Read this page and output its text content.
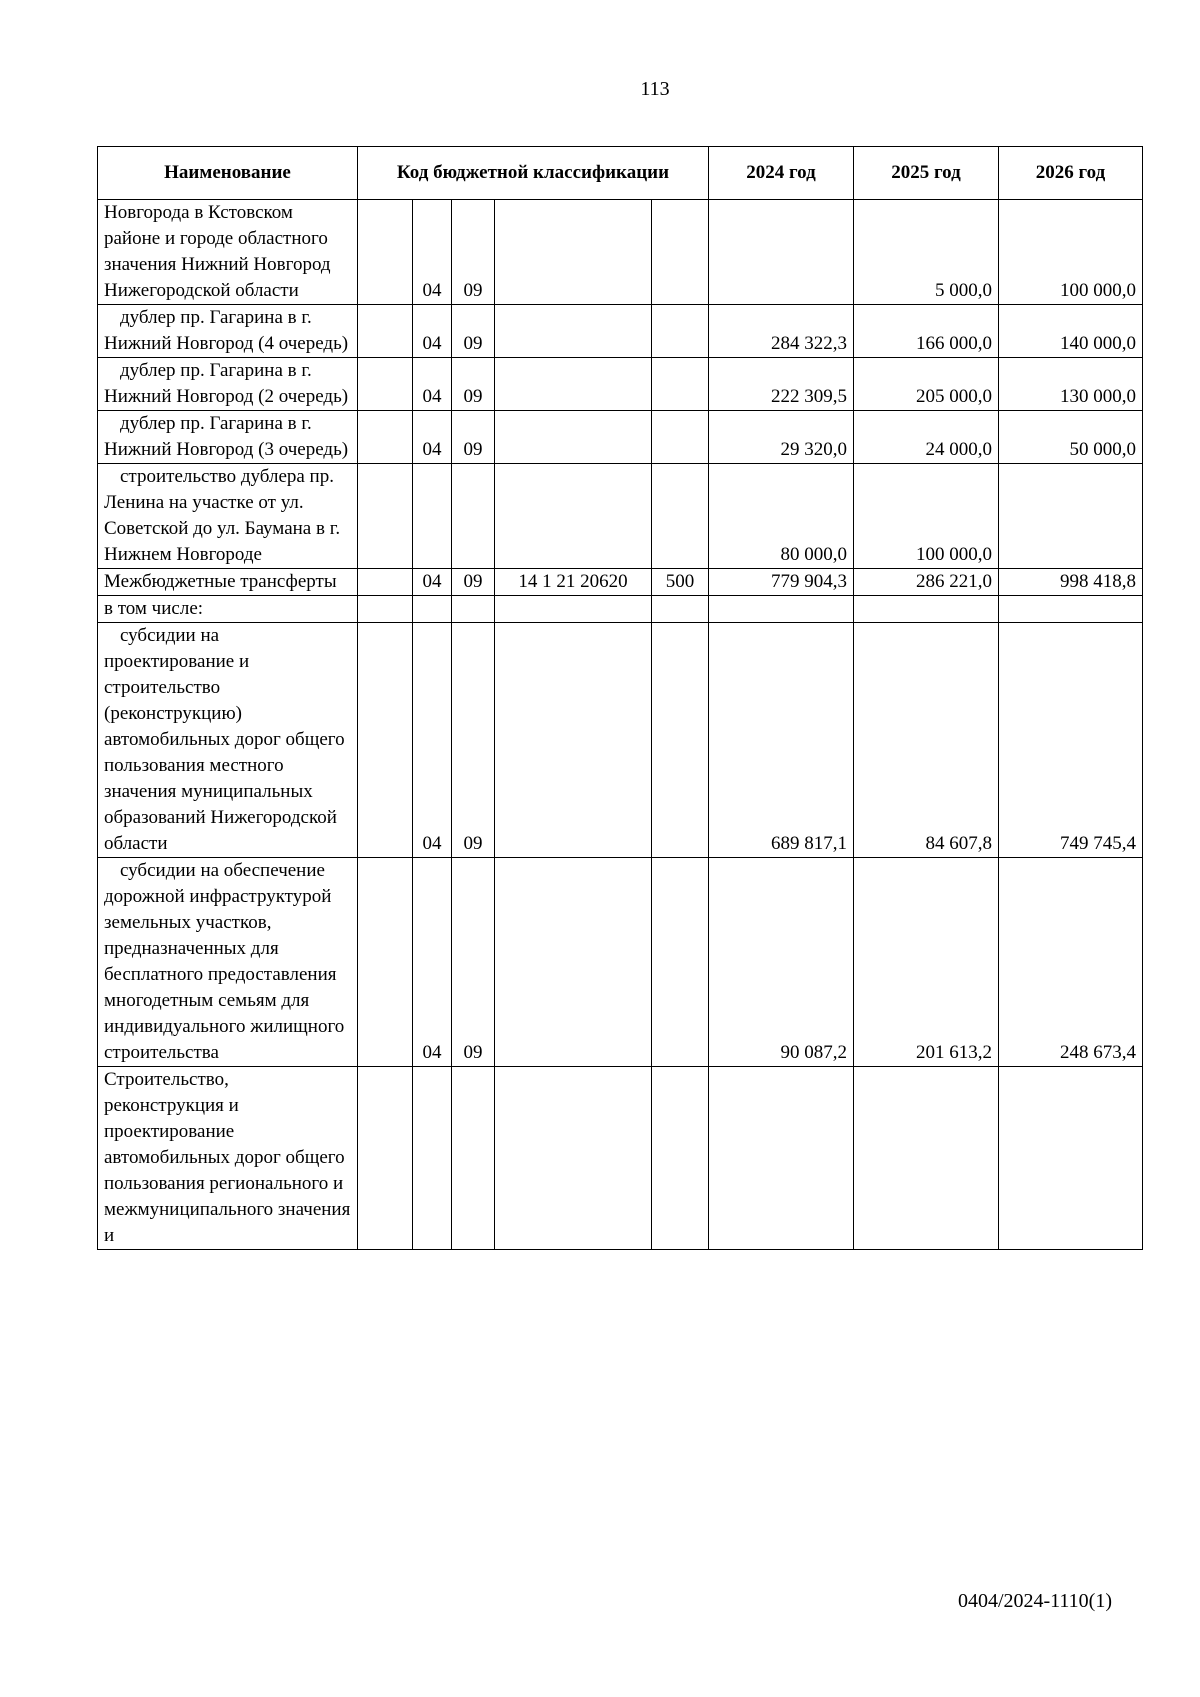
113
Наименование	Код бюджетной классификации					2024 год	2025 год	2026 год
Новгорода в Кстовском районе и городе областного значения Нижний Новгород Нижегородской области		04	09				5 000,0	100 000,0
дублер пр. Гагарина в г. Нижний Новгород (4 очередь)		04	09			284 322,3	166 000,0	140 000,0
дублер пр. Гагарина в г. Нижний Новгород (2 очередь)		04	09			222 309,5	205 000,0	130 000,0
дублер пр. Гагарина в г. Нижний Новгород (3 очередь)		04	09			29 320,0	24 000,0	50 000,0
строительство дублера пр. Ленина на участке от ул. Советской до ул. Баумана в г. Нижнем Новгороде						80 000,0	100 000,0	
Межбюджетные трансферты		04	09	14 1 21 20620	500	779 904,3	286 221,0	998 418,8
в том числе:								
субсидии на проектирование и строительство (реконструкцию) автомобильных дорог общего пользования местного значения муниципальных образований Нижегородской области		04	09			689 817,1	84 607,8	749 745,4
субсидии на обеспечение дорожной инфраструктурой земельных участков, предназначенных для бесплатного предоставления многодетным семьям для индивидуального жилищного строительства		04	09			90 087,2	201 613,2	248 673,4
Строительство, реконструкция и проектирование автомобильных дорог общего пользования регионального и межмуниципального значения и								
0404/2024-1110(1)
